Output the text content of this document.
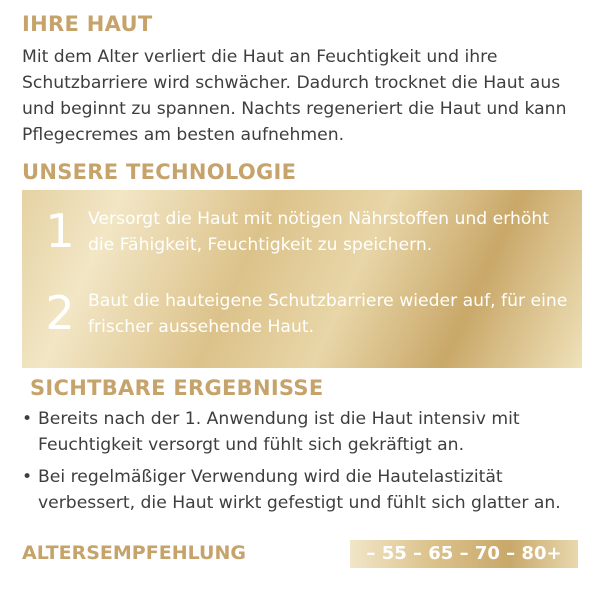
IHRE HAUT
Mit dem Alter verliert die Haut an Feuchtigkeit und ihre Schutzbarriere wird schwächer. Dadurch trocknet die Haut aus und beginnt zu spannen. Nachts regeneriert die Haut und kann Pflegecremes am besten aufnehmen.
UNSERE TECHNOLOGIE
1 Versorgt die Haut mit nötigen Nährstoffen und erhöht die Fähigkeit, Feuchtigkeit zu speichern.
2 Baut die hauteigene Schutzbarriere wieder auf, für eine frischer aussehende Haut.
SICHTBARE ERGEBNISSE
• Bereits nach der 1. Anwendung ist die Haut intensiv mit Feuchtigkeit versorgt und fühlt sich gekräftigt an.
• Bei regelmäßiger Verwendung wird die Hautelastizität verbessert, die Haut wirkt gefestigt und fühlt sich glatter an.
ALTERSEMPFEHLUNG	– 55 – 65 – 70 – 80+
